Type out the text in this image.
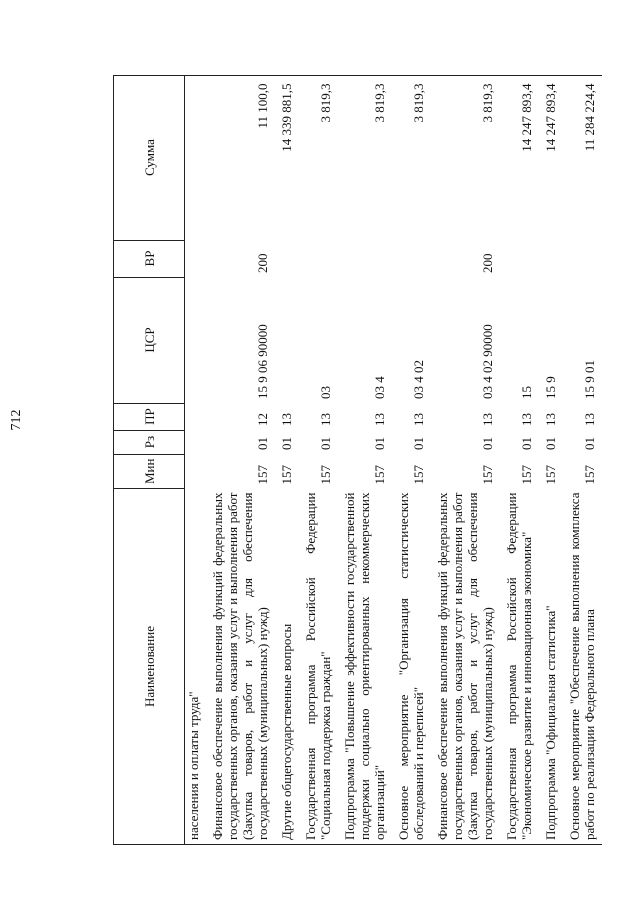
712
Наименование	Мин	Рз	ПР	ЦСР	ВР	Сумма
населения и оплаты труда"						
Финансовое обеспечение выполнения функций федеральных государственных органов, оказания услуг и выполнения работ (Закупка товаров, работ и услуг для обеспечения государственных (муниципальных) нужд)	157	01	12	15 9 06 90000	200	11 100,0
Другие общегосударственные вопросы	157	01	13			14 339 881,5
Государственная программа Российской Федерации "Социальная поддержка граждан"	157	01	13	03		3 819,3
Подпрограмма "Повышение эффективности государственной поддержки социально ориентированных некоммерческих организаций"	157	01	13	03 4		3 819,3
Основное мероприятие "Организация статистических обследований и переписей"	157	01	13	03 4 02		3 819,3
Финансовое обеспечение выполнения функций федеральных государственных органов, оказания услуг и выполнения работ (Закупка товаров, работ и услуг для обеспечения государственных (муниципальных) нужд)	157	01	13	03 4 02 90000	200	3 819,3
Государственная программа Российской Федерации "Экономическое развитие и инновационная экономика"	157	01	13	15		14 247 893,4
Подпрограмма "Официальная статистика"	157	01	13	15 9		14 247 893,4
Основное мероприятие "Обеспечение выполнения комплекса работ по реализации Федерального плана	157	01	13	15 9 01		11 284 224,4
